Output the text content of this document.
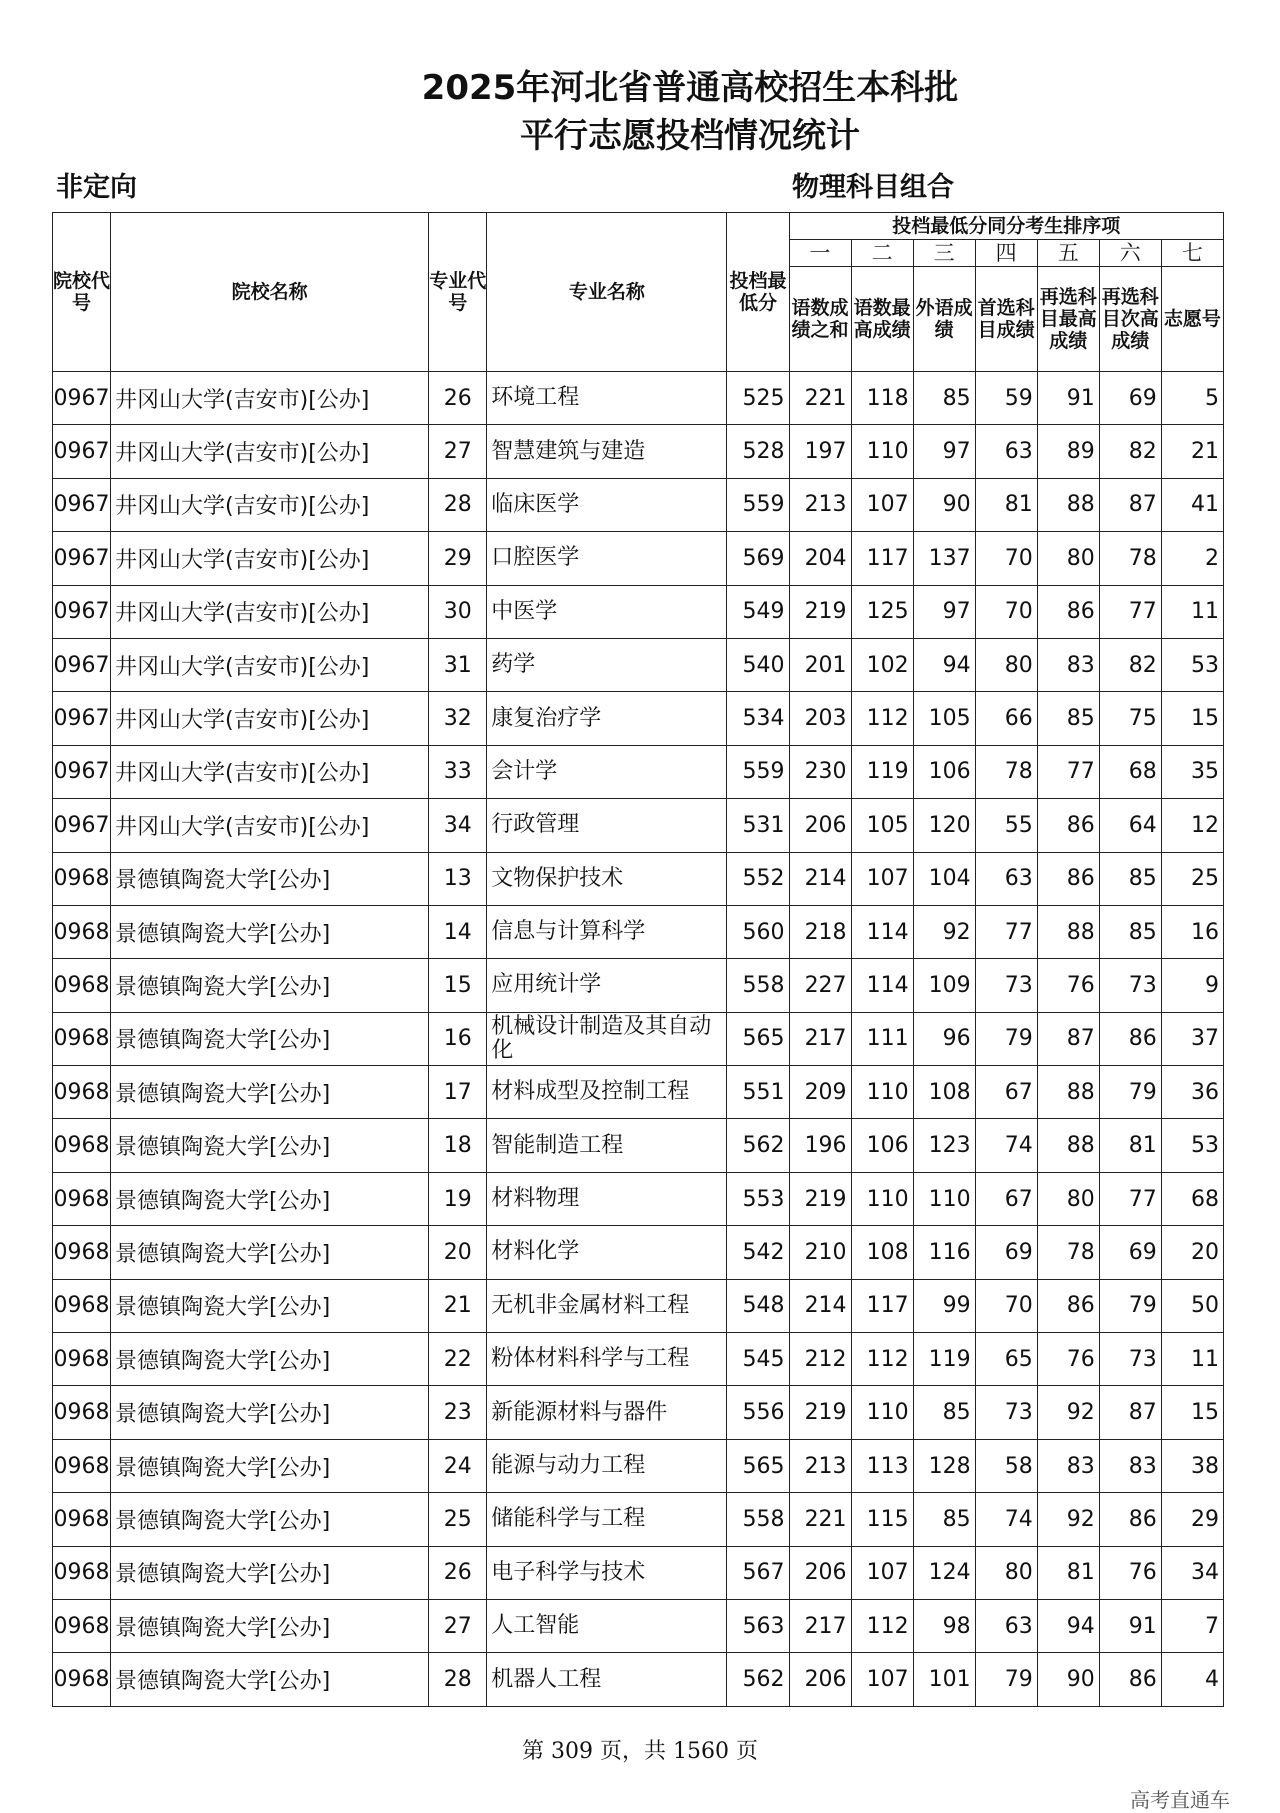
2025年河北省普通高校招生本科批
平行志愿投档情况统计
非定向	物理科目组合
院校代号	院校名称	专业代号	专业名称	投档最低分	投档最低分同分考生排序项						
					一	二	三	四	五	六	七
					语数成绩之和	语数最高成绩	外语成绩	首选科目成绩	再选科目最高成绩	再选科目次高成绩	志愿号
0967	井冈山大学(吉安市)[公办]	26	环境工程	525	221	118	85	59	91	69	5
0967	井冈山大学(吉安市)[公办]	27	智慧建筑与建造	528	197	110	97	63	89	82	21
0967	井冈山大学(吉安市)[公办]	28	临床医学	559	213	107	90	81	88	87	41
0967	井冈山大学(吉安市)[公办]	29	口腔医学	569	204	117	137	70	80	78	2
0967	井冈山大学(吉安市)[公办]	30	中医学	549	219	125	97	70	86	77	11
0967	井冈山大学(吉安市)[公办]	31	药学	540	201	102	94	80	83	82	53
0967	井冈山大学(吉安市)[公办]	32	康复治疗学	534	203	112	105	66	85	75	15
0967	井冈山大学(吉安市)[公办]	33	会计学	559	230	119	106	78	77	68	35
0967	井冈山大学(吉安市)[公办]	34	行政管理	531	206	105	120	55	86	64	12
0968	景德镇陶瓷大学[公办]	13	文物保护技术	552	214	107	104	63	86	85	25
0968	景德镇陶瓷大学[公办]	14	信息与计算科学	560	218	114	92	77	88	85	16
0968	景德镇陶瓷大学[公办]	15	应用统计学	558	227	114	109	73	76	73	9
0968	景德镇陶瓷大学[公办]	16	机械设计制造及其自动化	565	217	111	96	79	87	86	37
0968	景德镇陶瓷大学[公办]	17	材料成型及控制工程	551	209	110	108	67	88	79	36
0968	景德镇陶瓷大学[公办]	18	智能制造工程	562	196	106	123	74	88	81	53
0968	景德镇陶瓷大学[公办]	19	材料物理	553	219	110	110	67	80	77	68
0968	景德镇陶瓷大学[公办]	20	材料化学	542	210	108	116	69	78	69	20
0968	景德镇陶瓷大学[公办]	21	无机非金属材料工程	548	214	117	99	70	86	79	50
0968	景德镇陶瓷大学[公办]	22	粉体材料科学与工程	545	212	112	119	65	76	73	11
0968	景德镇陶瓷大学[公办]	23	新能源材料与器件	556	219	110	85	73	92	87	15
0968	景德镇陶瓷大学[公办]	24	能源与动力工程	565	213	113	128	58	83	83	38
0968	景德镇陶瓷大学[公办]	25	储能科学与工程	558	221	115	85	74	92	86	29
0968	景德镇陶瓷大学[公办]	26	电子科学与技术	567	206	107	124	80	81	76	34
0968	景德镇陶瓷大学[公办]	27	人工智能	563	217	112	98	63	94	91	7
0968	景德镇陶瓷大学[公办]	28	机器人工程	562	206	107	101	79	90	86	4
第 309 页，共 1560 页
高考直通车
